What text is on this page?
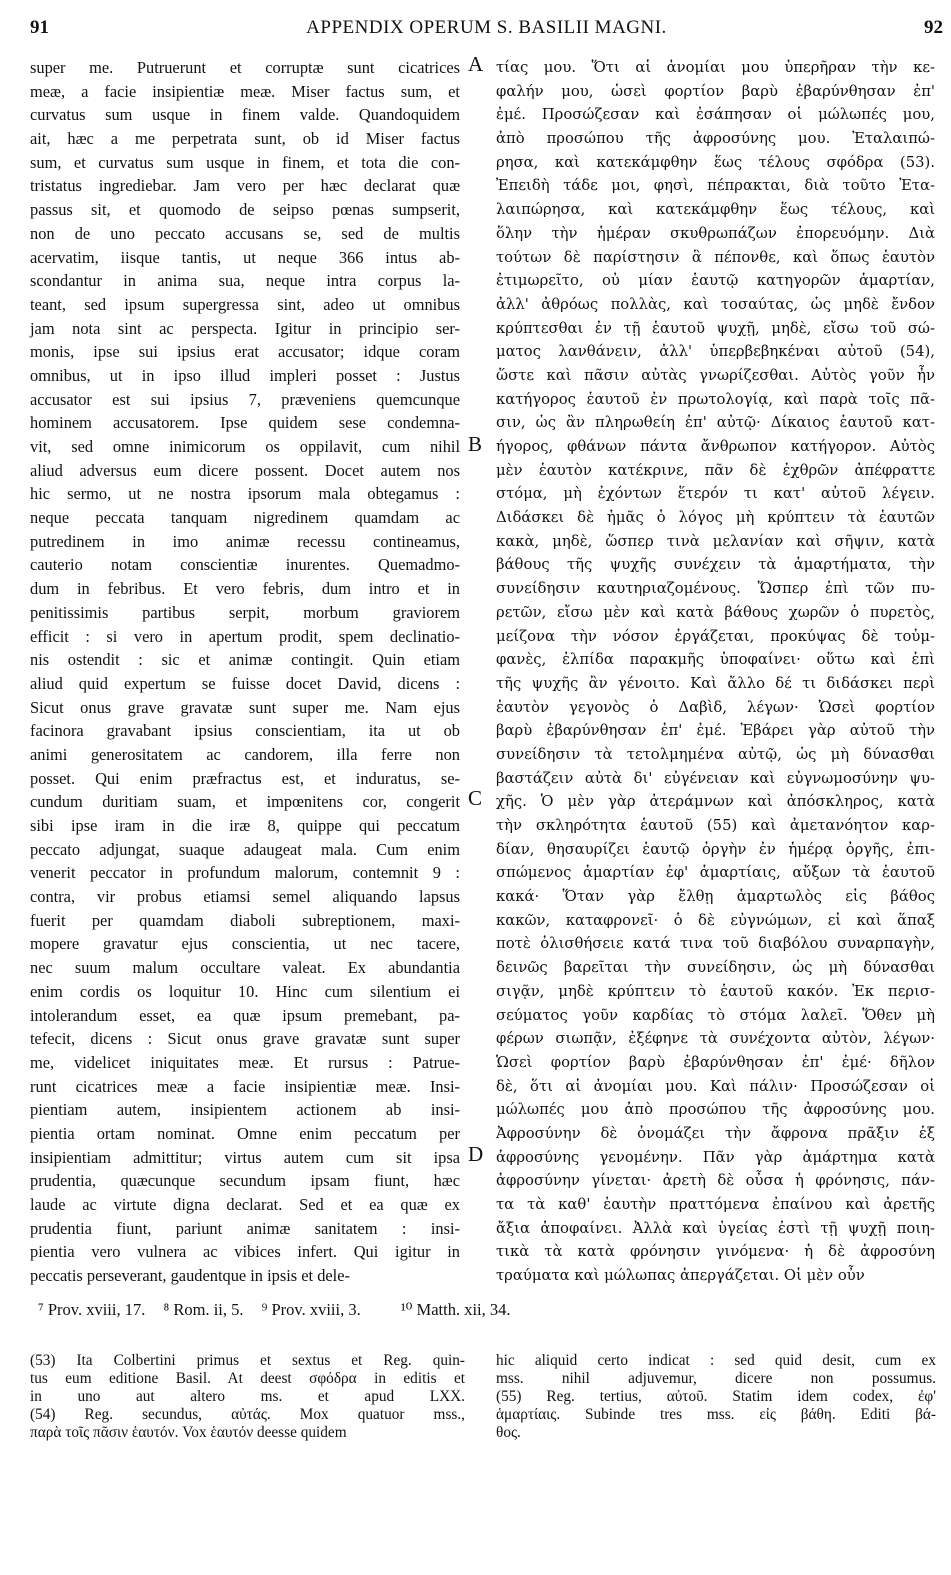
91	APPENDIX OPERUM S. BASILII MAGNI.	92
super me. Putruerunt et corruptæ sunt cicatrices
meæ, a facie insipientiæ meæ. Miser factus sum, et
curvatus sum usque in finem valde. Quandoquidem
ait, hæc a me perpetrata sunt, ob id Miser factus
sum, et curvatus sum usque in finem, et tota die con-
tristatus ingrediebar. Jam vero per hæc declarat quæ
passus sit, et quomodo de seipso pœnas sumpserit,
non de uno peccato accusans se, sed de multis
acervatim, iisque tantis, ut neque 366 intus ab-
scondantur in anima sua, neque intra corpus la-
teant, sed ipsum supergressa sint, adeo ut omnibus
jam nota sint ac perspecta. Igitur in principio ser-
monis, ipse sui ipsius erat accusator; idque coram
omnibus, ut in ipso illud impleri posset : Justus
accusator est sui ipsius 7, præveniens quemcunque
hominem accusatorem. Ipse quidem sese condemna-
vit, sed omne inimicorum os oppilavit, cum nihil
aliud adversus eum dicere possent. Docet autem nos
hic sermo, ut ne nostra ipsorum mala obtegamus :
neque peccata tanquam nigredinem quamdam ac
putredinem in imo animæ recessu contineamus,
cauterio notam conscientiæ inurentes. Quemadmo-
dum in febribus. Et vero febris, dum intro et in
penitissimis partibus serpit, morbum graviorem
efficit : si vero in apertum prodit, spem declinatio-
nis ostendit : sic et animæ contingit. Quin etiam
aliud quid expertum se fuisse docet David, dicens :
Sicut onus grave gravatæ sunt super me. Nam ejus
facinora gravabant ipsius conscientiam, ita ut ob
animi generositatem ac candorem, illa ferre non
posset. Qui enim præfractus est, et induratus, se-
cundum duritiam suam, et impœnitens cor, congerit
sibi ipse iram in die iræ 8, quippe qui peccatum
peccato adjungat, suaque adaugeat mala. Cum enim
venerit peccator in profundum malorum, contemnit 9 :
contra, vir probus etiamsi semel aliquando lapsus
fuerit per quamdam diaboli subreptionem, maxi-
mopere gravatur ejus conscientia, ut nec tacere,
nec suum malum occultare valeat. Ex abundantia
enim cordis os loquitur 10. Hinc cum silentium ei
intolerandum esset, ea quæ ipsum premebant, pa-
tefecit, dicens : Sicut onus grave gravatæ sunt super
me, videlicet iniquitates meæ. Et rursus : Patrue-
runt cicatrices meæ a facie insipientiæ meæ. Insi-
pientiam autem, insipientem actionem ab insi-
pientia ortam nominat. Omne enim peccatum per
insipientiam admittitur; virtus autem cum sit ipsa
prudentia, quæcunque secundum ipsam fiunt, hæc
laude ac virtute digna declarat. Sed et ea quæ ex
prudentia fiunt, pariunt animæ sanitatem : insi-
pientia vero vulnera ac vibices infert. Qui igitur in
peccatis perseverant, gaudentque in ipsis et dele-
τίας μου. Ὅτι αἱ ἀνομίαι μου ὑπερῆραν τὴν κε-
φαλήν μου, ὡσεὶ φορτίον βαρὺ ἐβαρύνθησαν ἐπ'
ἐμέ. Προσώζεσαν καὶ ἐσάπησαν οἱ μώλωπές μου,
ἀπὸ προσώπου τῆς ἀφροσύνης μου. Ἐταλαιπώ-
ρησα, καὶ κατεκάμφθην ἕως τέλους σφόδρα (53).
Ἐπειδὴ τάδε μοι, φησὶ, πέπρακται, διὰ τοῦτο Ἐτα-
λαιπώρησα, καὶ κατεκάμφθην ἕως τέλους, καὶ
ὅλην τὴν ἡμέραν σκυθρωπάζων ἐπορευόμην. Διὰ
τούτων δὲ παρίστησιν ἃ πέπονθε, καὶ ὅπως ἑαυτὸν
ἐτιμωρεῖτο, οὐ μίαν ἑαυτῷ κατηγορῶν ἁμαρτίαν,
ἀλλ' ἀθρόως πολλὰς, καὶ τοσαύτας, ὡς μηδὲ ἔνδον
κρύπτεσθαι ἐν τῇ ἑαυτοῦ ψυχῇ, μηδὲ, εἴσω τοῦ σώ-
ματος λανθάνειν, ἀλλ' ὑπερβεβηκέναι αὐτοῦ (54),
ὥστε καὶ πᾶσιν αὐτὰς γνωρίζεσθαι. Αὐτὸς γοῦν ἦν
κατήγορος ἑαυτοῦ ἐν πρωτολογίᾳ, καὶ παρὰ τοῖς πᾶ-
σιν, ὡς ἂν πληρωθείη ἐπ' αὐτῷ· Δίκαιος ἑαυτοῦ κατ-
ήγορος, φθάνων πάντα ἄνθρωπον κατήγορον. Αὐτὸς
μὲν ἑαυτὸν κατέκρινε, πᾶν δὲ ἐχθρῶν ἀπέφραττε
στόμα, μὴ ἐχόντων ἕτερόν τι κατ' αὐτοῦ λέγειν.
Διδάσκει δὲ ἡμᾶς ὁ λόγος μὴ κρύπτειν τὰ ἑαυτῶν
κακὰ, μηδὲ, ὥσπερ τινὰ μελανίαν καὶ σῆψιν, κατὰ
βάθους τῆς ψυχῆς συνέχειν τὰ ἁμαρτήματα, τὴν
συνείδησιν καυτηριαζομένους. Ὥσπερ ἐπὶ τῶν πυ-
ρετῶν, εἴσω μὲν καὶ κατὰ βάθους χωρῶν ὁ πυρετὸς,
μείζονα τὴν νόσον ἐργάζεται, προκύψας δὲ τοὐμ-
φανὲς, ἐλπίδα παρακμῆς ὑποφαίνει· οὕτω καὶ ἐπὶ
τῆς ψυχῆς ἂν γένοιτο. Καὶ ἄλλο δέ τι διδάσκει περὶ
ἑαυτὸν γεγονὸς ὁ Δαβὶδ, λέγων· Ὡσεὶ φορτίον
βαρὺ ἐβαρύνθησαν ἐπ' ἐμέ. Ἐβάρει γὰρ αὐτοῦ τὴν
συνείδησιν τὰ τετολμημένα αὐτῷ, ὡς μὴ δύνασθαι
βαστάζειν αὐτὰ δι' εὐγένειαν καὶ εὐγνωμοσύνην ψυ-
χῆς. Ὁ μὲν γὰρ ἀτεράμνων καὶ ἀπόσκληρος, κατὰ
τὴν σκληρότητα ἑαυτοῦ (55) καὶ ἀμετανόητον καρ-
δίαν, θησαυρίζει ἑαυτῷ ὀργὴν ἐν ἡμέρᾳ ὀργῆς, ἐπι-
σπώμενος ἁμαρτίαν ἐφ' ἁμαρτίαις, αὔξων τὰ ἑαυτοῦ
κακά· Ὅταν γὰρ ἔλθῃ ἁμαρτωλὸς εἰς βάθος
κακῶν, καταφρονεῖ· ὁ δὲ εὐγνώμων, εἰ καὶ ἅπαξ
ποτὲ ὀλισθήσειε κατά τινα τοῦ διαβόλου συναρπαγὴν,
δεινῶς βαρεῖται τὴν συνείδησιν, ὡς μὴ δύνασθαι
σιγᾷν, μηδὲ κρύπτειν τὸ ἑαυτοῦ κακόν. Ἐκ περισ-
σεύματος γοῦν καρδίας τὸ στόμα λαλεῖ. Ὅθεν μὴ
φέρων σιωπᾷν, ἐξέφηνε τὰ συνέχοντα αὐτὸν, λέγων·
Ὡσεὶ φορτίον βαρὺ ἐβαρύνθησαν ἐπ' ἐμέ· δῆλον
δὲ, ὅτι αἱ ἀνομίαι μου. Καὶ πάλιν· Προσώζεσαν οἱ
μώλωπές μου ἀπὸ προσώπου τῆς ἀφροσύνης μου.
Ἀφροσύνην δὲ ὀνομάζει τὴν ἄφρονα πρᾶξιν ἐξ
ἀφροσύνης γενομένην. Πᾶν γὰρ ἁμάρτημα κατὰ
ἀφροσύνην γίνεται· ἀρετὴ δὲ οὖσα ἡ φρόνησις, πάν-
τα τὰ καθ' ἑαυτὴν πραττόμενα ἐπαίνου καὶ ἀρετῆς
ἄξια ἀποφαίνει. Ἀλλὰ καὶ ὑγείας ἐστὶ τῇ ψυχῇ ποιη-
τικὰ τὰ κατὰ φρόνησιν γινόμενα· ἡ δὲ ἀφροσύνη
τραύματα καὶ μώλωπας ἀπεργάζεται. Οἱ μὲν οὖν
A
B
C
D
⁷ Prov. xviii, 17. ⁸ Rom. ii, 5. ⁹ Prov. xviii, 3. ¹⁰ Matth. xii, 34.
(53) Ita Colbertini primus et sextus et Reg. quin-
tus eum editione Basil. At deest σφόδρα in editis et
in uno aut altero ms. et apud LXX.
(54) Reg. secundus, αὐτάς. Mox quatuor mss.,
παρὰ τοῖς πᾶσιν ἑαυτόν. Vox ἑαυτόν deesse quidem
hic aliquid certo indicat : sed quid desit, cum ex
mss. nihil adjuvemur, dicere non possumus.
(55) Reg. tertius, αὐτοῦ. Statim idem codex, ἐφ'
ἁμαρτίαις. Subinde tres mss. εἰς βάθη. Editi βά-
θος.
